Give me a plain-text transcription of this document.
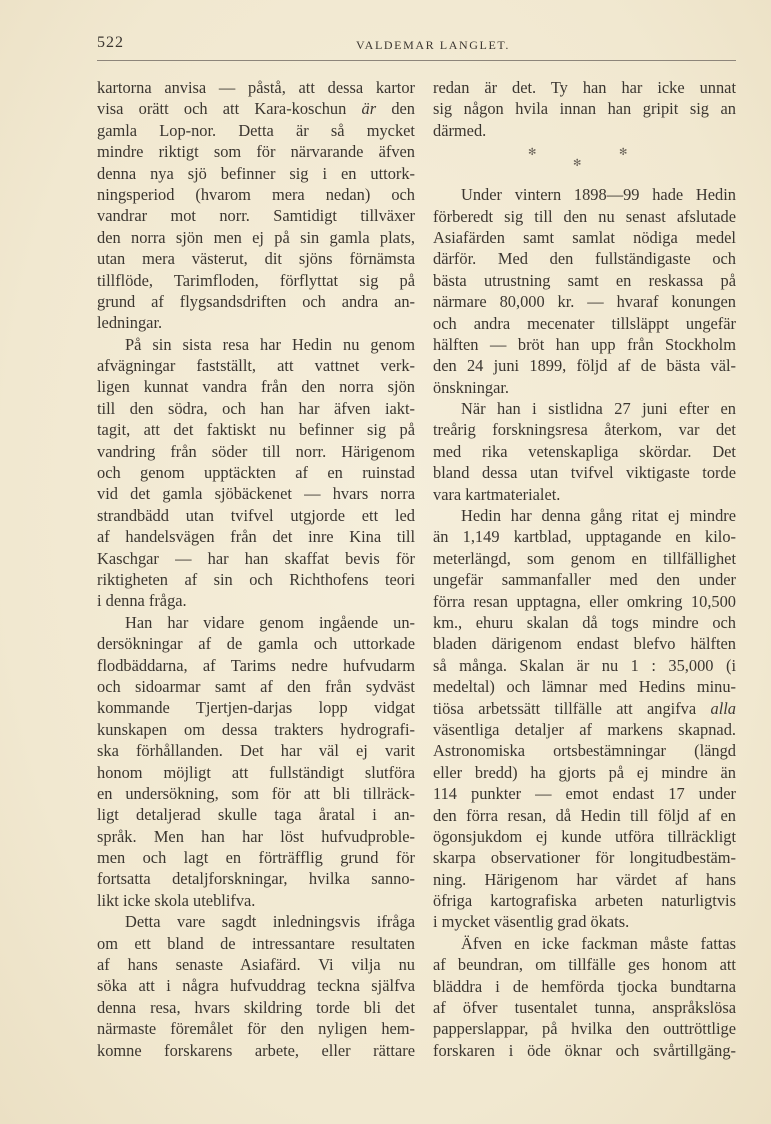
522	VALDEMAR LANGLET.
kartorna anvisa — påstå, att dessa kartor
visa orätt och att Kara-koschun är den
gamla Lop-nor. Detta är så mycket
mindre riktigt som för närvarande äfven
denna nya sjö befinner sig i en uttork-
ningsperiod (hvarom mera nedan) och
vandrar mot norr. Samtidigt tillväxer
den norra sjön men ej på sin gamla plats,
utan mera västerut, dit sjöns förnämsta
tillflöde, Tarimfloden, förflyttat sig på
grund af flygsandsdriften och andra an-
ledningar.
På sin sista resa har Hedin nu genom
afvägningar fastställt, att vattnet verk-
ligen kunnat vandra från den norra sjön
till den södra, och han har äfven iakt-
tagit, att det faktiskt nu befinner sig på
vandring från söder till norr. Härigenom
och genom upptäckten af en ruinstad
vid det gamla sjöbäckenet — hvars norra
strandbädd utan tvifvel utgjorde ett led
af handelsvägen från det inre Kina till
Kaschgar — har han skaffat bevis för
riktigheten af sin och Richthofens teori
i denna fråga.
Han har vidare genom ingående un-
dersökningar af de gamla och uttorkade
flodbäddarna, af Tarims nedre hufvudarm
och sidoarmar samt af den från sydväst
kommande Tjertjen-darjas lopp vidgat
kunskapen om dessa trakters hydrografi-
ska förhållanden. Det har väl ej varit
honom möjligt att fullständigt slutföra
en undersökning, som för att bli tillräck-
ligt detaljerad skulle taga åratal i an-
språk. Men han har löst hufvudproble-
men och lagt en förträfflig grund för
fortsatta detaljforskningar, hvilka sanno-
likt icke skola uteblifva.
Detta vare sagdt inledningsvis ifråga
om ett bland de intressantare resultaten
af hans senaste Asiafärd. Vi vilja nu
söka att i några hufvuddrag teckna själfva
denna resa, hvars skildring torde bli det
närmaste föremålet för den nyligen hem-
komne forskarens arbete, eller rättare
redan är det. Ty han har icke unnat
sig någon hvila innan han gripit sig an
därmed.
✻	✻
✻
Under vintern 1898—99 hade Hedin
förberedt sig till den nu senast afslutade
Asiafärden samt samlat nödiga medel
därför. Med den fullständigaste och
bästa utrustning samt en reskassa på
närmare 80,000 kr. — hvaraf konungen
och andra mecenater tillsläppt ungefär
hälften — bröt han upp från Stockholm
den 24 juni 1899, följd af de bästa väl-
önskningar.
När han i sistlidna 27 juni efter en
treårig forskningsresa återkom, var det
med rika vetenskapliga skördar. Det
bland dessa utan tvifvel viktigaste torde
vara kartmaterialet.
Hedin har denna gång ritat ej mindre
än 1,149 kartblad, upptagande en kilo-
meterlängd, som genom en tillfällighet
ungefär sammanfaller med den under
förra resan upptagna, eller omkring 10,500
km., ehuru skalan då togs mindre och
bladen därigenom endast blefvo hälften
så många. Skalan är nu 1 : 35,000 (i
medeltal) och lämnar med Hedins minu-
tiösa arbetssätt tillfälle att angifva alla
väsentliga detaljer af markens skapnad.
Astronomiska ortsbestämningar (längd
eller bredd) ha gjorts på ej mindre än
114 punkter — emot endast 17 under
den förra resan, då Hedin till följd af en
ögonsjukdom ej kunde utföra tillräckligt
skarpa observationer för longitudbestäm-
ning. Härigenom har värdet af hans
öfriga kartografiska arbeten naturligtvis
i mycket väsentlig grad ökats.
Äfven en icke fackman måste fattas
af beundran, om tillfälle ges honom att
bläddra i de hemförda tjocka bundtarna
af öfver tusentalet tunna, anspråkslösa
papperslappar, på hvilka den outtröttlige
forskaren i öde öknar och svårtillgäng-
